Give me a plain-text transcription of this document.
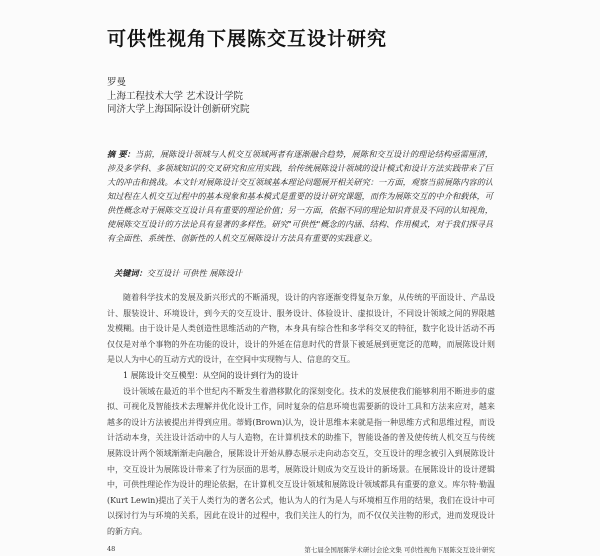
可供性视角下展陈交互设计研究
罗曼
上海工程技术大学 艺术设计学院
同济大学上海国际设计创新研究院
摘 要：当前，展陈设计领域与人机交互领域两者有逐渐融合趋势，展陈和交互设计的理论结构亟需厘清，涉及多学科、多领域知识的交叉研究和应用实践，给传统展陈设计领域的设计模式和设计方法实践带来了巨大的冲击和挑战。本文针对展陈设计交互领域基本理论问题展开相关研究：一方面，观察当前展陈内容的认知过程在人机交互过程中的基本现象和基本模式是重要的设计研究课题，而作为展陈交互的中介和载体，可供性概念对于展陈交互设计具有重要的理论价值；另一方面，依据不同的理论知识背景及不同的认知视角，使展陈交互设计的方法论具有显著的多样性。研究"可供性"概念的内涵、结构、作用模式，对于我们探寻具有全面性、系统性、创新性的人机交互展陈设计方法具有重要的实践意义。
关键词：交互设计 可供性 展陈设计

随着科学技术的发展及新兴形式的不断涌现，设计的内容逐渐变得复杂万象，从传统的平面设计、产品设计、服装设计、环境设计，到今天的交互设计、服务设计、体验设计、虚拟设计，不同设计领域之间的界限越发模糊。由于设计是人类创造性思维活动的产物，本身具有综合性和多学科交叉的特征，数字化设计活动不再仅仅是对单个事物的外在功能的设计，设计的外延在信息时代的背景下被延展到更宽泛的范畴，而展陈设计则是以人为中心的互动方式的设计，在空间中实现物与人、信息的交互。

1 展陈设计交互模型：从空间的设计到行为的设计

设计领域在最近的半个世纪内不断发生着潜移默化的深刻变化。技术的发展使我们能够利用不断进步的虚拟、可视化及智能技术去理解并优化设计工作，同时复杂的信息环境也需要新的设计工具和方法来应对，越来越多的设计方法被提出并得到应用。蒂姆(Brown)认为，设计思维本来就是指一种思维方式和思维过程，而设计活动本身，关注设计活动中的人与人造物，在计算机技术的助推下，智能设备的普及使传统人机交互与传统展陈设计两个领域渐渐走向融合，展陈设计开始从静态展示走向动态交互，交互设计的理念被引入到展陈设计中，交互设计为展陈设计带来了行为层面的思考，展陈设计则成为交互设计的新场景。在展陈设计的设计逻辑中，可供性理论作为设计的理论依据，在计算机交互设计领域和展陈设计领域都具有重要的意义。库尔特·勒温(Kurt Lewin)提出了关于人类行为的著名公式，他认为人的行为是人与环境相互作用的结果，我们在设计中可以探讨行为与环境的关系，因此在设计的过程中，我们关注人的行为，而不仅仅关注物的形式，进而发现设计的新方向。

48	第七届全国展陈学术研讨会论文集 可供性视角下展陈交互设计研究
